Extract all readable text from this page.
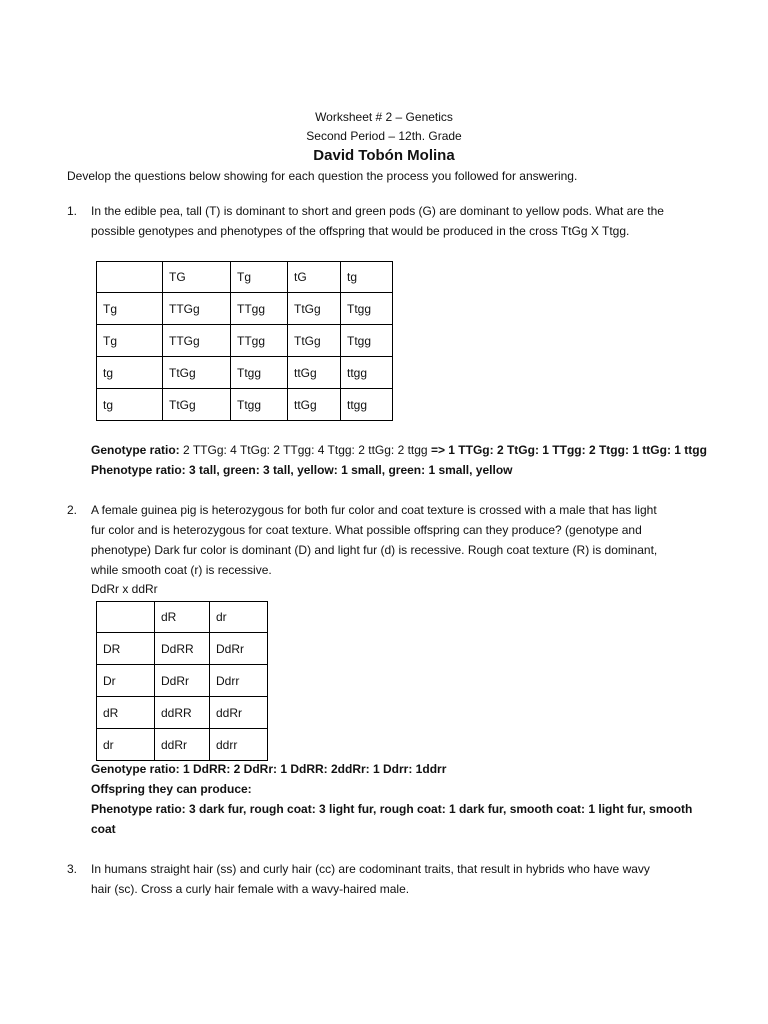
Worksheet # 2 – Genetics
Second Period – 12th. Grade
David Tobón Molina
Develop the questions below showing for each question the process you followed for answering.
1. In the edible pea, tall (T) is dominant to short and green pods (G) are dominant to yellow pods. What are the
possible genotypes and phenotypes of the offspring that would be produced in the cross TtGg X Ttgg.
	TG	Tg	tG	tg
Tg	TTGg	TTgg	TtGg	Ttgg
Tg	TTGg	TTgg	TtGg	Ttgg
tg	TtGg	Ttgg	ttGg	ttgg
tg	TtGg	Ttgg	ttGg	ttgg
Genotype ratio: 2 TTGg: 4 TtGg: 2 TTgg: 4 Ttgg: 2 ttGg: 2 ttgg => 1 TTGg: 2 TtGg: 1 TTgg: 2 Ttgg: 1 ttGg: 1 ttgg
Phenotype ratio: 3 tall, green: 3 tall, yellow: 1 small, green: 1 small, yellow
2. A female guinea pig is heterozygous for both fur color and coat texture is crossed with a male that has light
fur color and is heterozygous for coat texture. What possible offspring can they produce? (genotype and
phenotype) Dark fur color is dominant (D) and light fur (d) is recessive. Rough coat texture (R) is dominant,
while smooth coat (r) is recessive.
DdRr x ddRr
	dR	dr
DR	DdRR	DdRr
Dr	DdRr	Ddrr
dR	ddRR	ddRr
dr	ddRr	ddrr
Genotype ratio: 1 DdRR: 2 DdRr: 1 DdRR: 2ddRr: 1 Ddrr: 1ddrr
Offspring they can produce:
Phenotype ratio: 3 dark fur, rough coat: 3 light fur, rough coat: 1 dark fur, smooth coat: 1 light fur, smooth
coat
3. In humans straight hair (ss) and curly hair (cc) are codominant traits, that result in hybrids who have wavy
hair (sc). Cross a curly hair female with a wavy-haired male.
